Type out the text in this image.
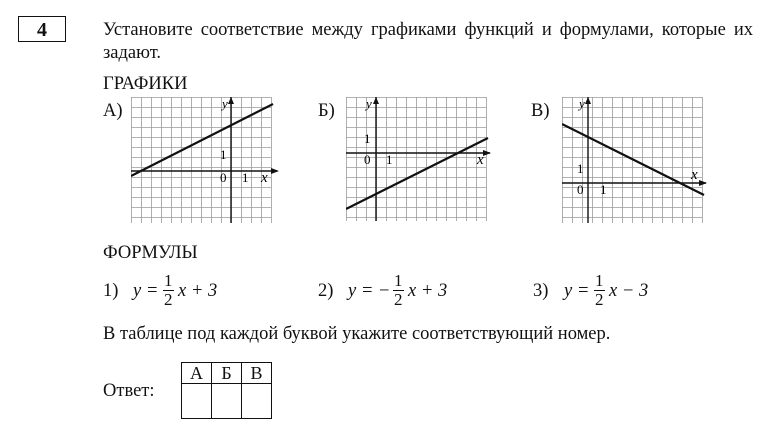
4	Установите соответствие между графиками функций и формулами, которые их задают.
ГРАФИКИ
А)	Б)	В)
y
x
0 1
1
y
x
0 1
1
y
x
0 1
1
ФОРМУЛЫ
1) $y = \frac{1}{2}$ x + 3	2) y = − $\frac{1}{2}$ x + 3	3) $y = \frac{1}{2}$ x − 3
В таблице под каждой буквой укажите соответствующий номер.
Ответ:
А	Б	В
